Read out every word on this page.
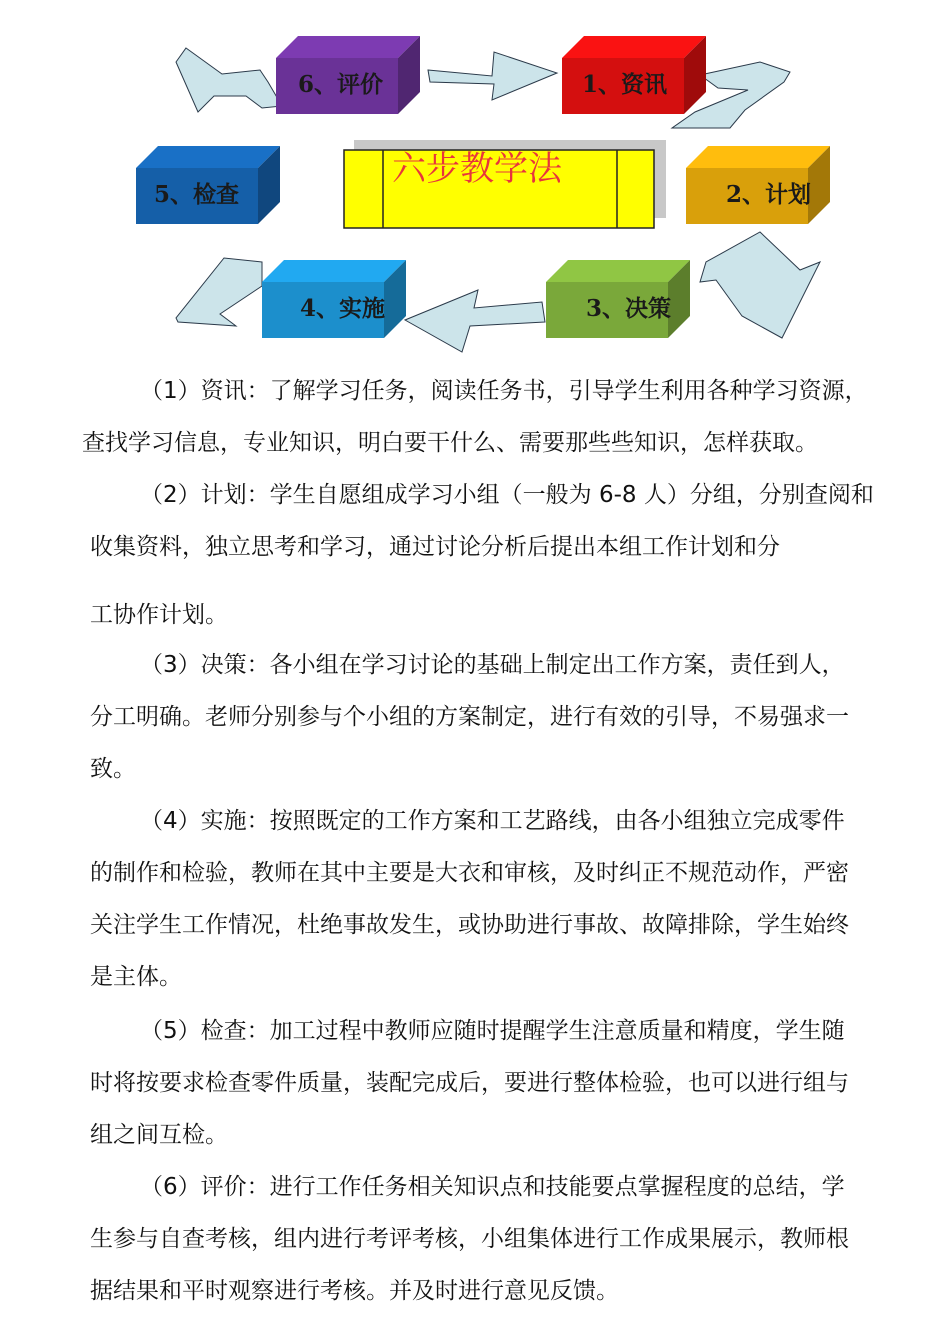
六步教学法
1、资讯
2、计划
3、决策
4、实施
5、检查
6、评价
（1）资讯：了解学习任务，阅读任务书，引导学生利用各种学习资源，
查找学习信息，专业知识，明白要干什么、需要那些些知识，怎样获取。
（2）计划：学生自愿组成学习小组（一般为 6-8 人）分组，分别查阅和
收集资料，独立思考和学习，通过讨论分析后提出本组工作计划和分
工协作计划。
（3）决策：各小组在学习讨论的基础上制定出工作方案，责任到人，
分工明确。老师分别参与个小组的方案制定，进行有效的引导，不易强求一
致。
（4）实施：按照既定的工作方案和工艺路线，由各小组独立完成零件
的制作和检验，教师在其中主要是大衣和审核，及时纠正不规范动作，严密
关注学生工作情况，杜绝事故发生，或协助进行事故、故障排除，学生始终
是主体。
（5）检查：加工过程中教师应随时提醒学生注意质量和精度，学生随
时将按要求检查零件质量，装配完成后，要进行整体检验，也可以进行组与
组之间互检。
（6）评价：进行工作任务相关知识点和技能要点掌握程度的总结，学
生参与自查考核，组内进行考评考核，小组集体进行工作成果展示，教师根
据结果和平时观察进行考核。并及时进行意见反馈。
